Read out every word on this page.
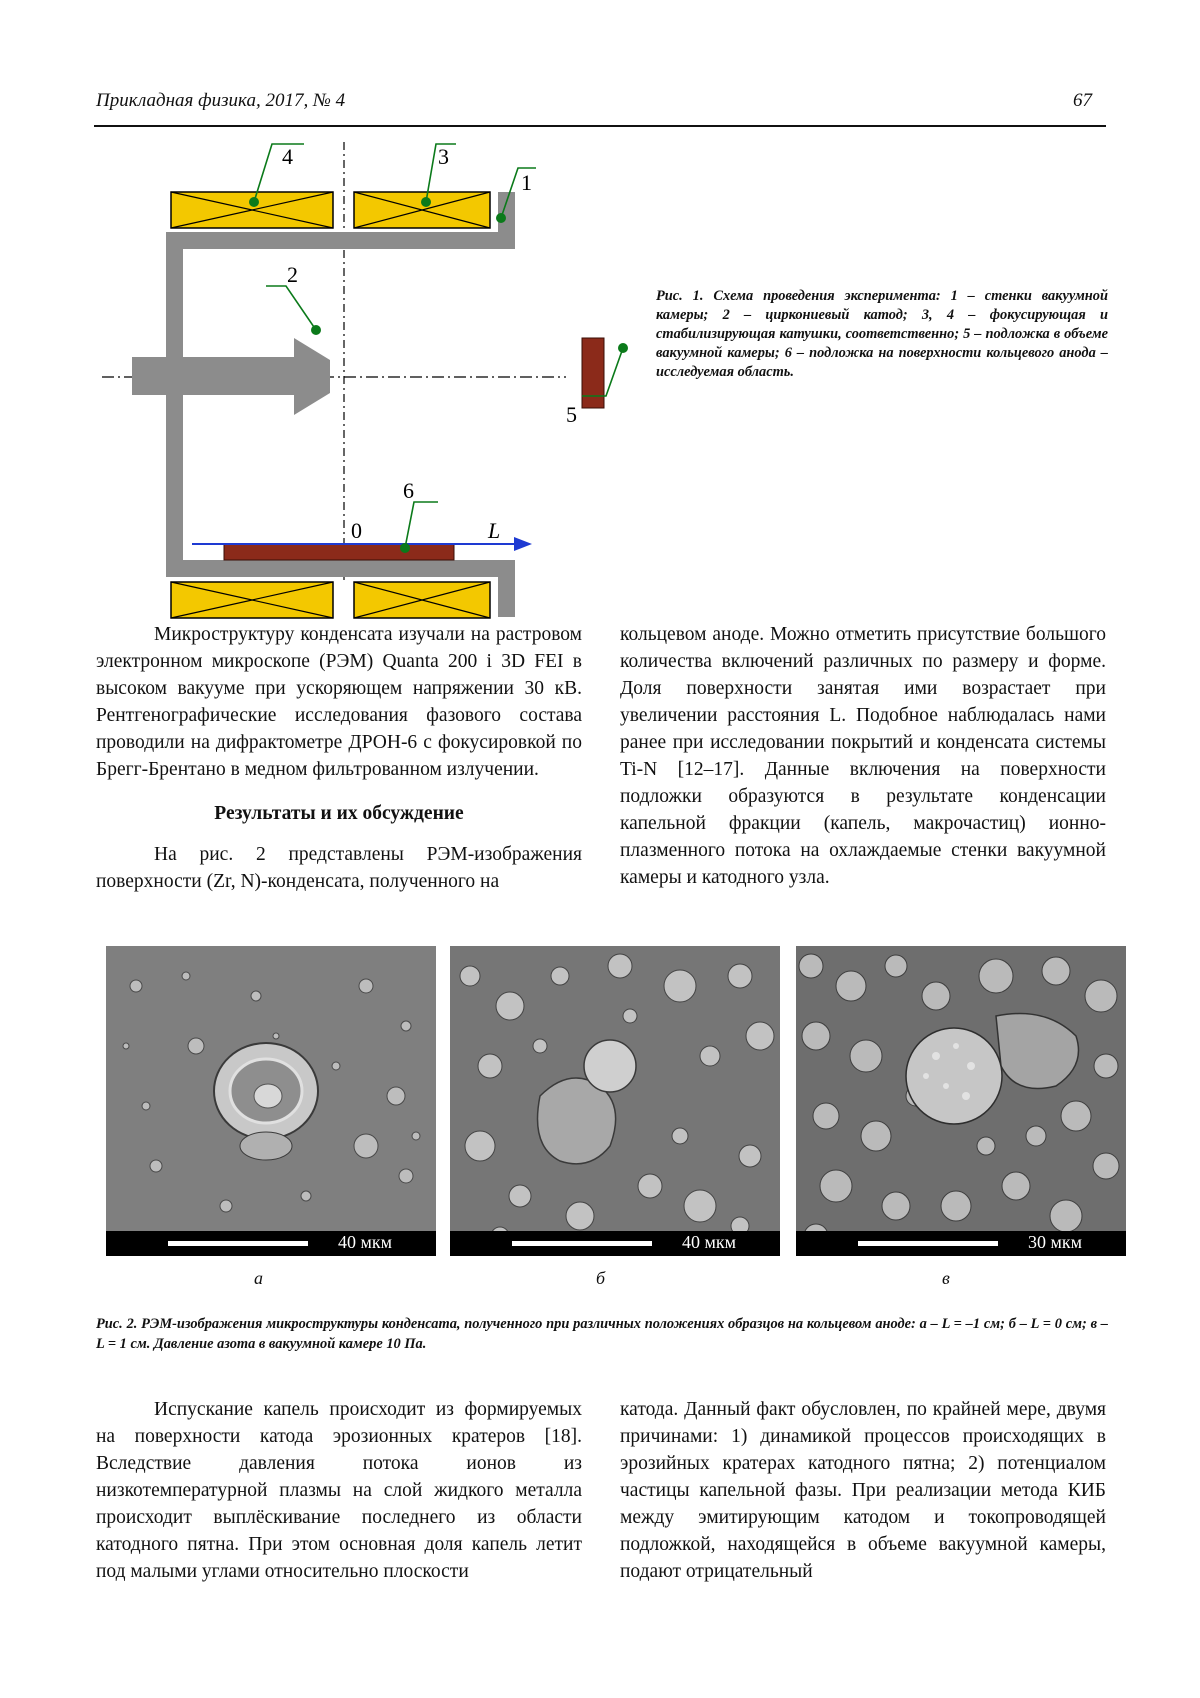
Прикладная физика, 2017, № 4	67
4	3
1
2
6
5
0	L
Рис. 1. Схема проведения эксперимента: 1 – стенки вакуумной камеры; 2 – циркониевый катод; 3, 4 – фокусирующая и стабилизирующая катушки, соответственно; 5 – подложка в объеме вакуумной камеры; 6 – подложка на поверхности кольцевого анода – исследуемая область.

Микроструктуру конденсата изучали на растровом электронном микроскопе (РЭМ) Quanta 200 i 3D FEI в высоком вакууме при ускоряющем напряжении 30 кВ. Рентгенографические исследования фазового состава проводили на дифрактометре ДРОН-6 с фокусировкой по Брегг-Брентано в медном фильтрованном излучении.

Результаты и их обсуждение

На рис. 2 представлены РЭМ-изображения поверхности (Zr, N)-конденсата, полученного на

кольцевом аноде. Можно отметить присутствие большого количества включений различных по размеру и форме. Доля поверхности занятая ими возрастает при увеличении расстояния L. Подобное наблюдалась нами ранее при исследовании покрытий и конденсата системы Ti-N [12–17]. Данные включения на поверхности подложки образуются в результате конденсации капельной фракции (капель, макрочастиц) ионно-плазменного потока на охлаждаемые стенки вакуумной камеры и катодного узла.

40 мкм	40 мкм	30 мкм
а	б	в
Рис. 2. РЭМ-изображения микроструктуры конденсата, полученного при различных положениях образцов на кольцевом аноде: а – L = –1 см; б – L = 0 см; в – L = 1 см. Давление азота в вакуумной камере 10 Па.

Испускание капель происходит из формируемых на поверхности катода эрозионных кратеров [18]. Вследствие давления потока ионов из низкотемпературной плазмы на слой жидкого металла происходит выплёскивание последнего из области катодного пятна. При этом основная доля капель летит под малыми углами относительно плоскости

катода. Данный факт обусловлен, по крайней мере, двумя причинами: 1) динамикой процессов происходящих в эрозийных кратерах катодного пятна; 2) потенциалом частицы капельной фазы. При реализации метода КИБ между эмитирующим катодом и токопроводящей подложкой, находящейся в объеме вакуумной камеры, подают отрицательный
